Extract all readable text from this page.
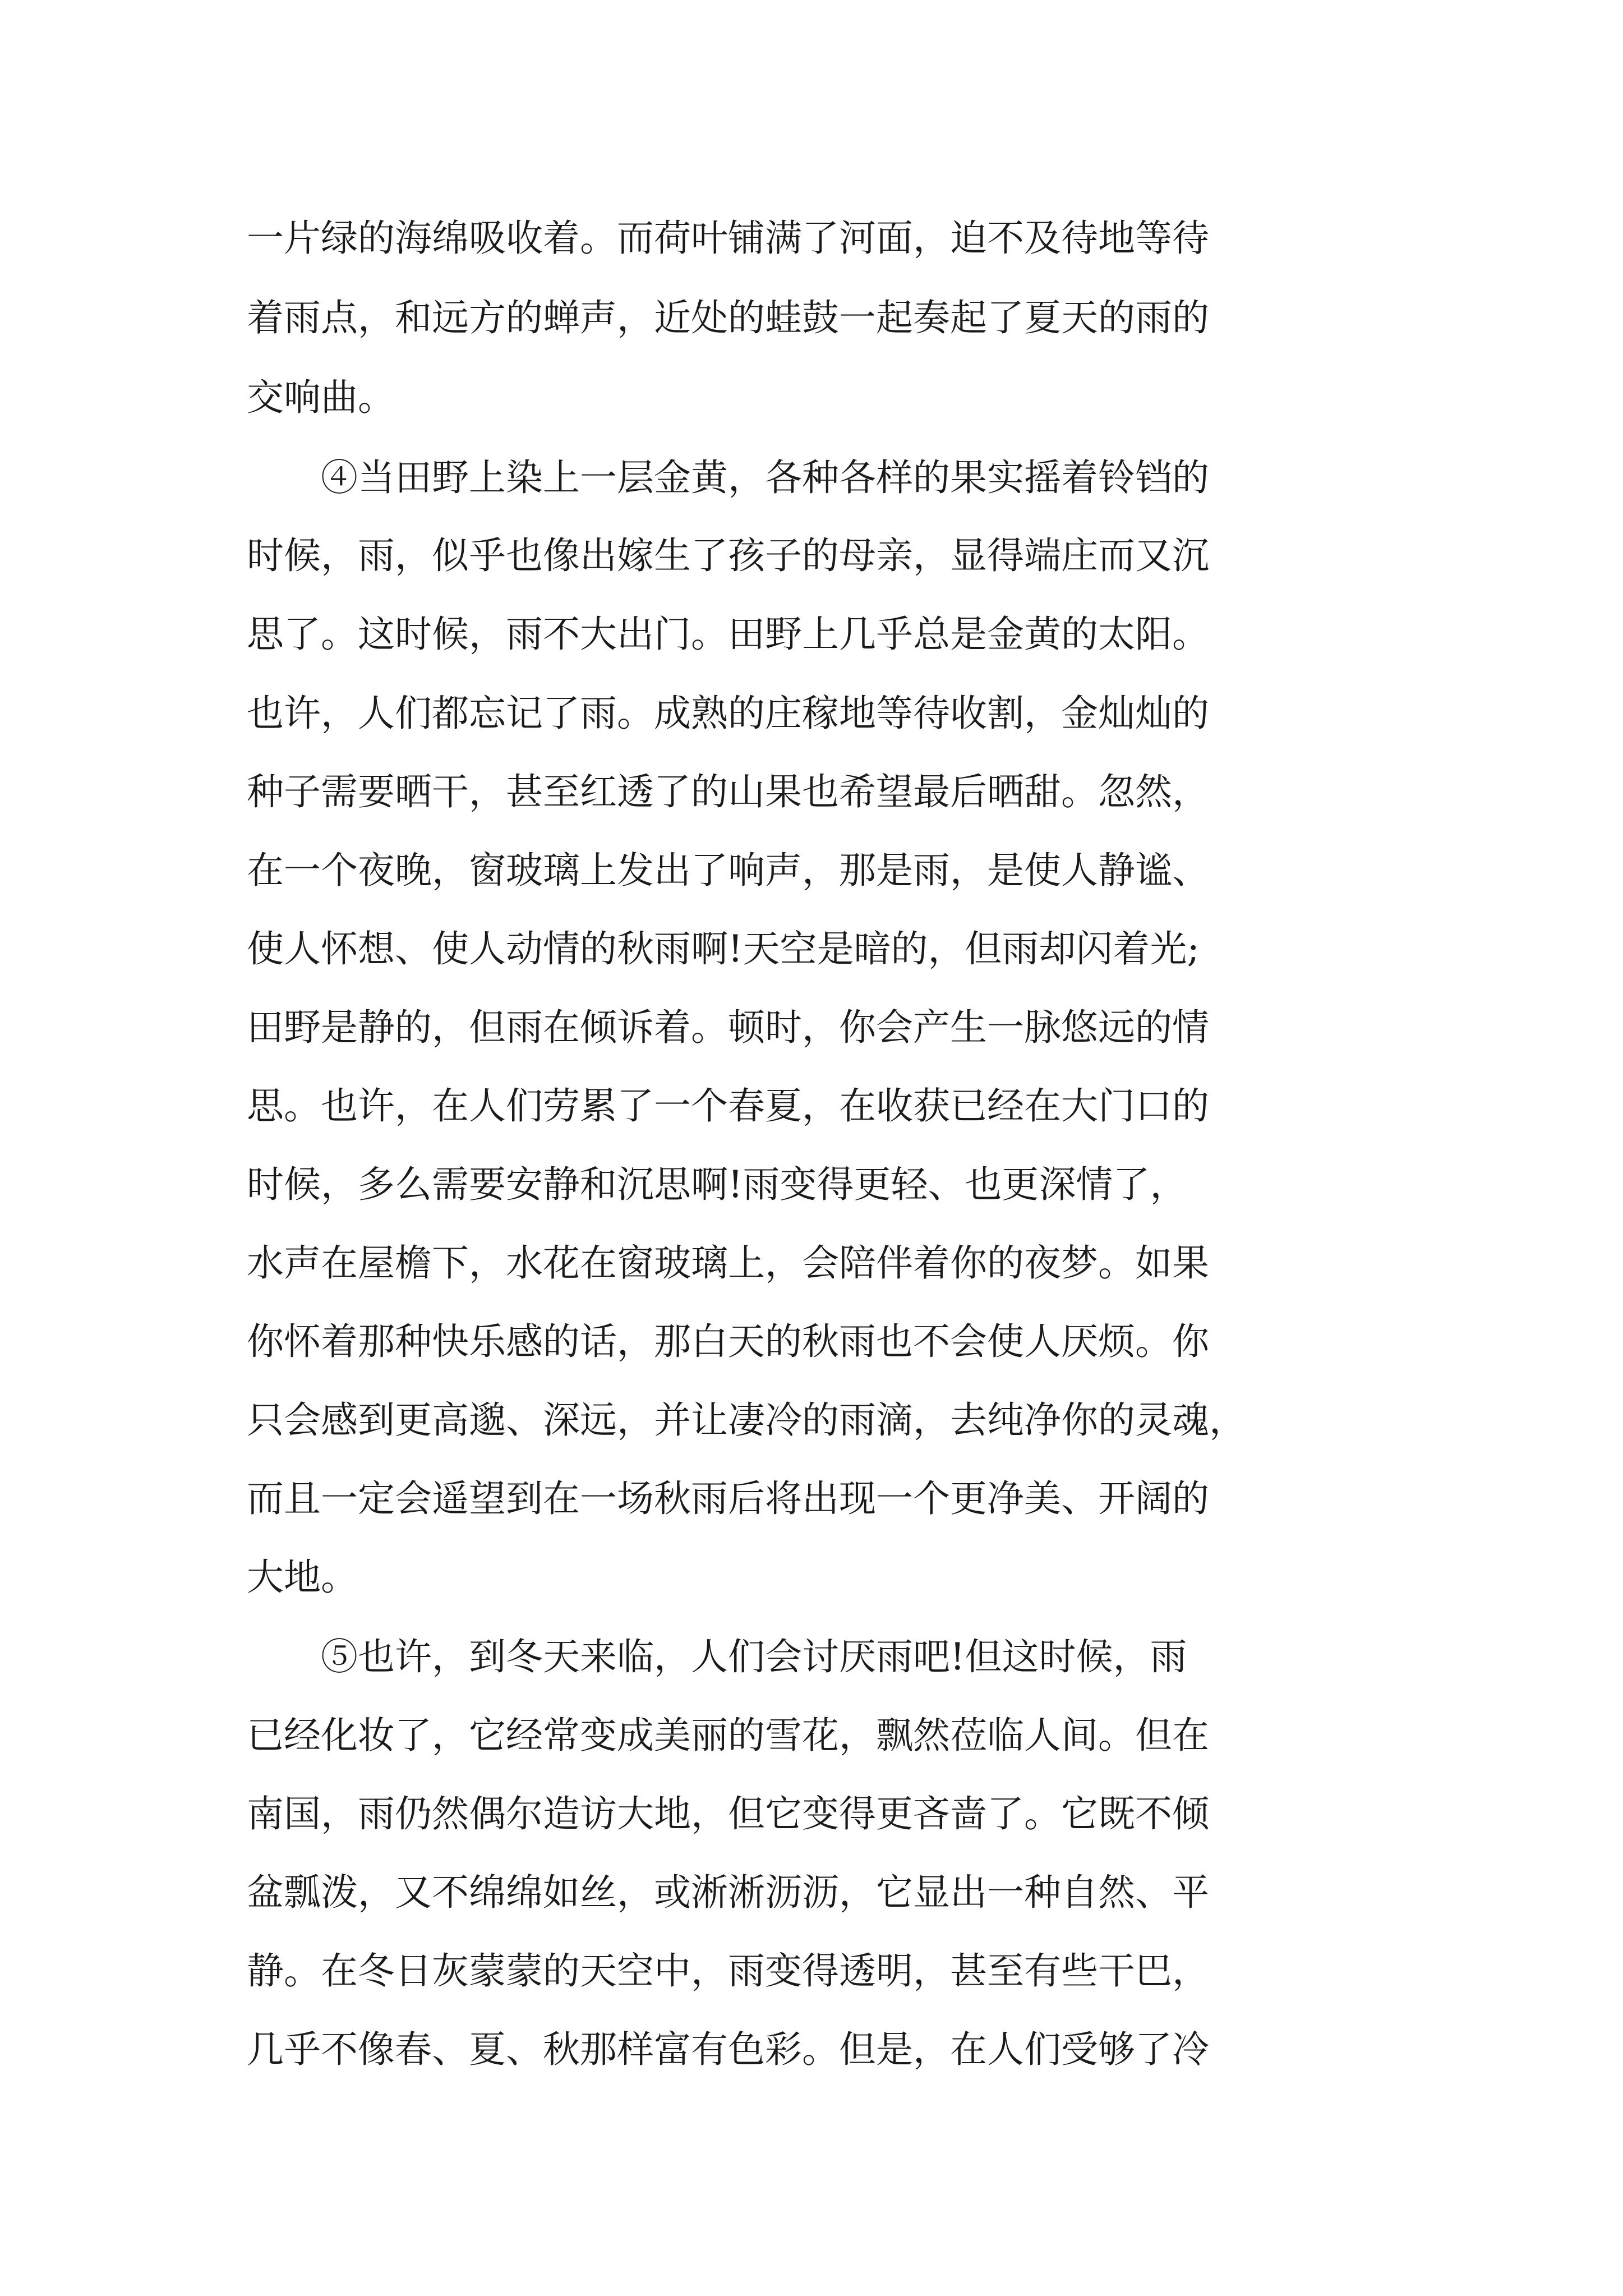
一片绿的海绵吸收着。而荷叶铺满了河面，迫不及待地等待
着雨点，和远方的蝉声，近处的蛙鼓一起奏起了夏天的雨的
交响曲。
④当田野上染上一层金黄，各种各样的果实摇着铃铛的
时候，雨，似乎也像出嫁生了孩子的母亲，显得端庄而又沉
思了。这时候，雨不大出门。田野上几乎总是金黄的太阳。
也许，人们都忘记了雨。成熟的庄稼地等待收割，金灿灿的
种子需要晒干，甚至红透了的山果也希望最后晒甜。忽然，
在一个夜晚，窗玻璃上发出了响声，那是雨，是使人静谧、
使人怀想、使人动情的秋雨啊!天空是暗的，但雨却闪着光;
田野是静的，但雨在倾诉着。顿时，你会产生一脉悠远的情
思。也许，在人们劳累了一个春夏，在收获已经在大门口的
时候，多么需要安静和沉思啊!雨变得更轻、也更深情了，
水声在屋檐下，水花在窗玻璃上，会陪伴着你的夜梦。如果
你怀着那种快乐感的话，那白天的秋雨也不会使人厌烦。你
只会感到更高邈、深远，并让凄冷的雨滴，去纯净你的灵魂，
而且一定会遥望到在一场秋雨后将出现一个更净美、开阔的
大地。
⑤也许，到冬天来临，人们会讨厌雨吧!但这时候，雨
已经化妆了，它经常变成美丽的雪花，飘然莅临人间。但在
南国，雨仍然偶尔造访大地，但它变得更吝啬了。它既不倾
盆瓢泼，又不绵绵如丝，或淅淅沥沥，它显出一种自然、平
静。在冬日灰蒙蒙的天空中，雨变得透明，甚至有些干巴，
几乎不像春、夏、秋那样富有色彩。但是，在人们受够了冷
